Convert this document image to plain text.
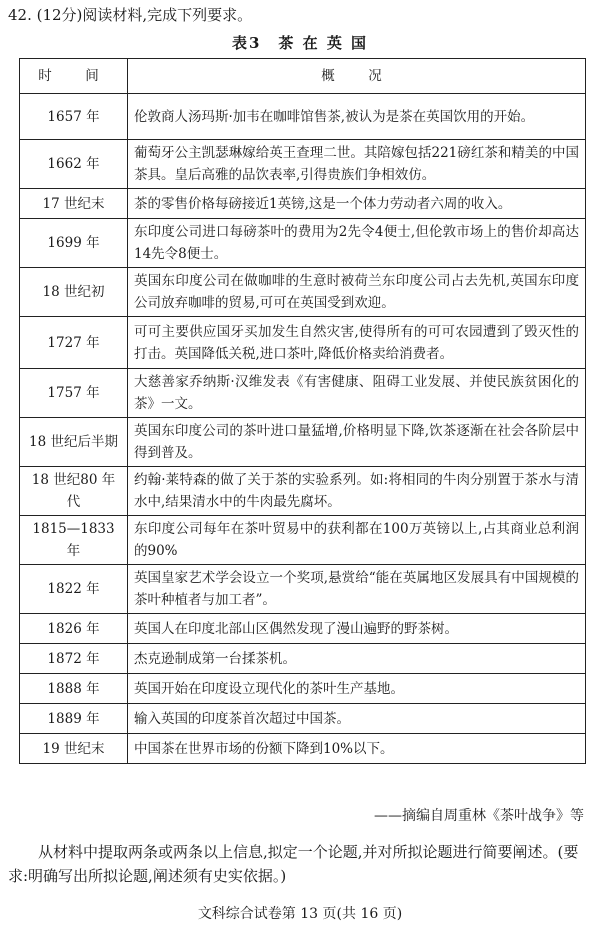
42. (12分)阅读材料,完成下列要求。
表3　茶 在 英 国
时　间	概　况
1657 年	伦敦商人汤玛斯·加韦在咖啡馆售茶,被认为是茶在英国饮用的开始。
1662 年	葡萄牙公主凯瑟琳嫁给英王查理二世。其陪嫁包括221磅红茶和精美的中国茶具。皇后高雅的品饮表率,引得贵族们争相效仿。
17 世纪末	茶的零售价格每磅接近1英镑,这是一个体力劳动者六周的收入。
1699 年	东印度公司进口每磅茶叶的费用为2先令4便士,但伦敦市场上的售价却高达14先令8便士。
18 世纪初	英国东印度公司在做咖啡的生意时被荷兰东印度公司占去先机,英国东印度公司放弃咖啡的贸易,可可在英国受到欢迎。
1727 年	可可主要供应国牙买加发生自然灾害,使得所有的可可农园遭到了毁灭性的打击。英国降低关税,进口茶叶,降低价格卖给消费者。
1757 年	大慈善家乔纳斯·汉维发表《有害健康、阻碍工业发展、并使民族贫困化的茶》一文。
18 世纪后半期	英国东印度公司的茶叶进口量猛增,价格明显下降,饮茶逐渐在社会各阶层中得到普及。
18 世纪80 年代	约翰·莱特森的做了关于茶的实验系列。如:将相同的牛肉分别置于茶水与清水中,结果清水中的牛肉最先腐坏。
1815—1833 年	东印度公司每年在茶叶贸易中的获利都在100万英镑以上,占其商业总利润的90%
1822 年	英国皇家艺术学会设立一个奖项,悬赏给“能在英属地区发展具有中国规模的茶叶种植者与加工者”。
1826 年	英国人在印度北部山区偶然发现了漫山遍野的野茶树。
1872 年	杰克逊制成第一台揉茶机。
1888 年	英国开始在印度设立现代化的茶叶生产基地。
1889 年	输入英国的印度茶首次超过中国茶。
19 世纪末	中国茶在世界市场的份额下降到10%以下。
——摘编自周重林《茶叶战争》等
从材料中提取两条或两条以上信息,拟定一个论题,并对所拟论题进行简要阐述。(要求:明确写出所拟论题,阐述须有史实依据。)
文科综合试卷第 13 页(共 16 页)
